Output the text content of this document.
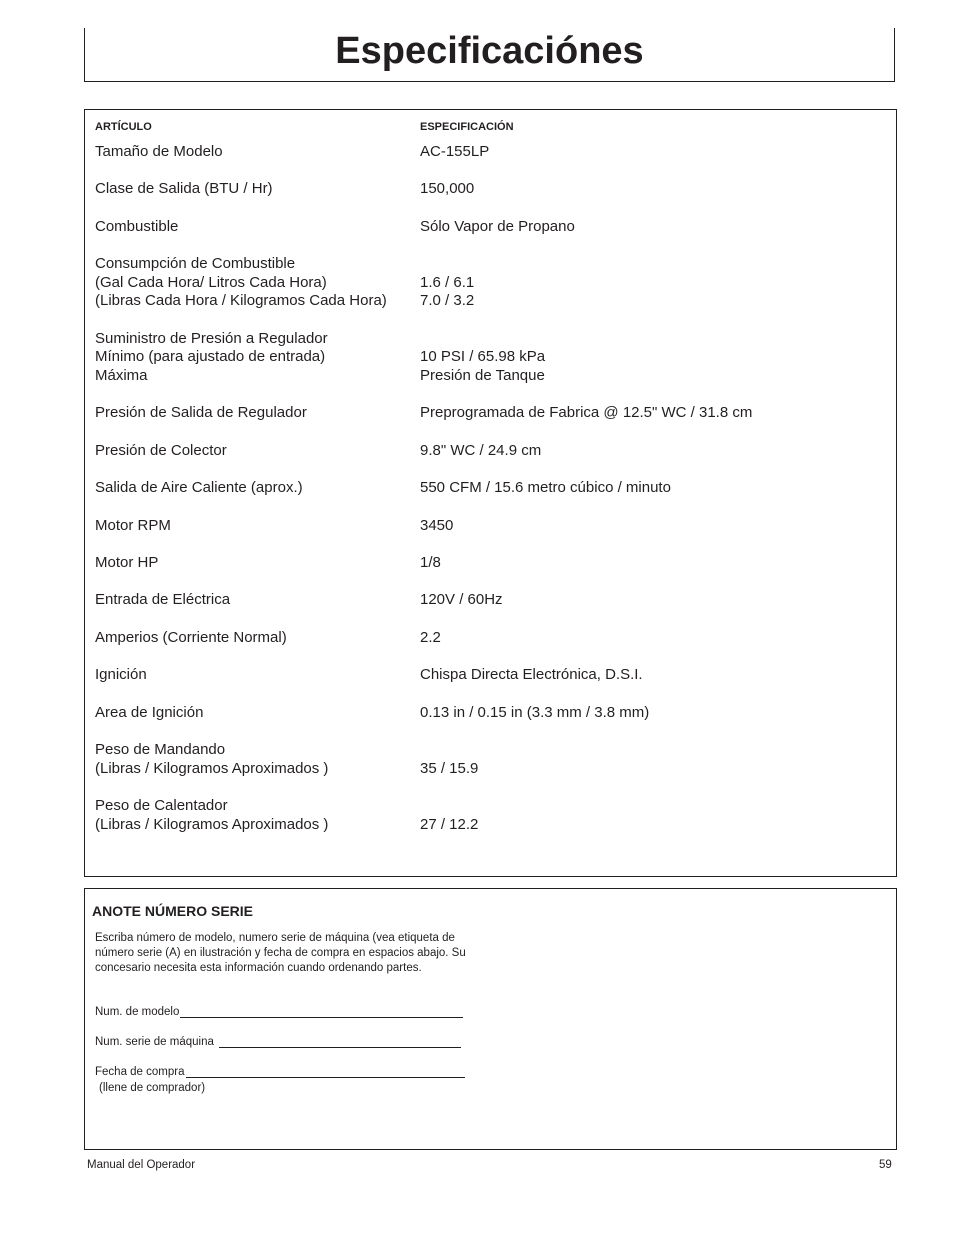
Especificaciónes
ARTÍCULO	ESPECIFICACIÓN
Tamaño de Modelo	AC-155LP
Clase de Salida (BTU / Hr)	150,000
Combustible	Sólo Vapor de Propano
Consumpción de Combustible
(Gal Cada Hora/ Litros Cada Hora)	1.6 / 6.1
(Libras Cada Hora / Kilogramos Cada Hora) 7.0 / 3.2
Suministro de Presión a Regulador
Mínimo (para ajustado de entrada)	10 PSI / 65.98 kPa
Máxima	Presión de Tanque
Presión de Salida de Regulador	Preprogramada de Fabrica @ 12.5" WC / 31.8 cm
Presión de Colector	9.8" WC / 24.9 cm
Salida de Aire Caliente (aprox.)	550 CFM / 15.6 metro cúbico / minuto
Motor RPM	3450
Motor HP	1/8
Entrada de Eléctrica	120V / 60Hz
Amperios (Corriente Normal)	2.2
Ignición	Chispa Directa Electrónica, D.S.I.
Area de Ignición	0.13 in / 0.15 in (3.3 mm / 3.8 mm)
Peso de Mandando
(Libras / Kilogramos Aproximados )	35 / 15.9
Peso de Calentador
(Libras / Kilogramos Aproximados )	27 / 12.2
ANOTE NÚMERO SERIE

Escriba número de modelo, numero serie de máquina (vea etiqueta de número serie (A) en ilustración y fecha de compra en espacios abajo. Su concesario necesita esta información cuando ordenando partes.

Num. de modelo
Num. serie de máquina
Fecha de compra
(llene de comprador)
Manual del Operador	59
